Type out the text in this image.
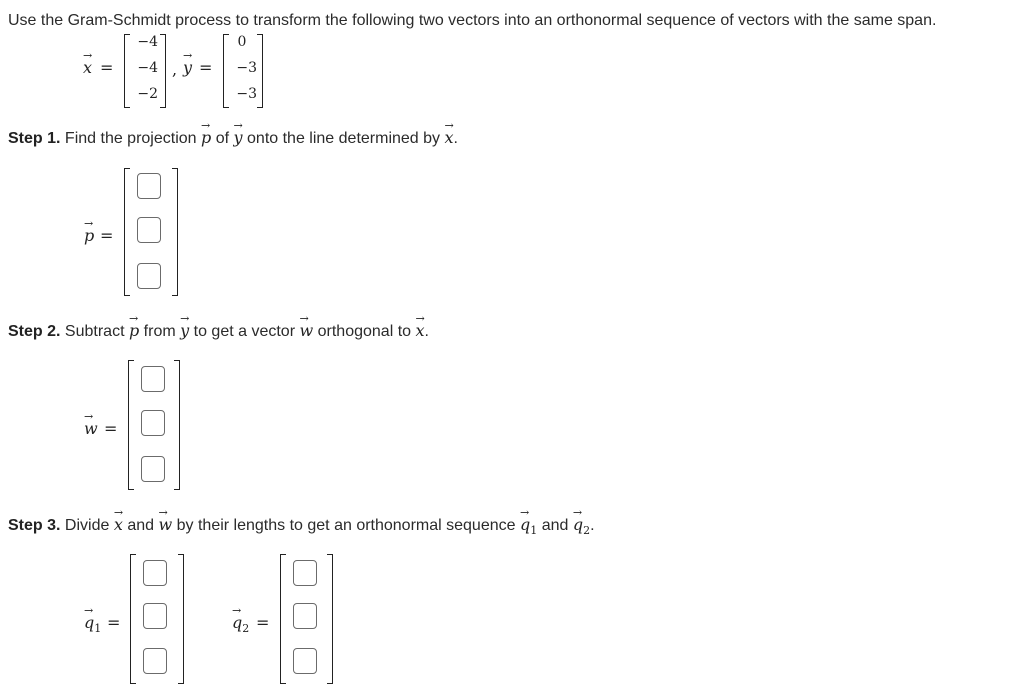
Use the Gram-Schmidt process to transform the following two vectors into an orthonormal sequence of vectors with the same span.
→ x =
−4
−4
−2
, → y =
0
−3
−3
Step 1. Find the projection → p of → y onto the line determined by → x.
→ p =
Step 2. Subtract → p from → y to get a vector → w orthogonal to → x.
→ w =
Step 3. Divide → x and → w by their lengths to get an orthonormal sequence → $q_1$ and → $q_2$.
→ $q_1$ =	→ $q_2$ =
